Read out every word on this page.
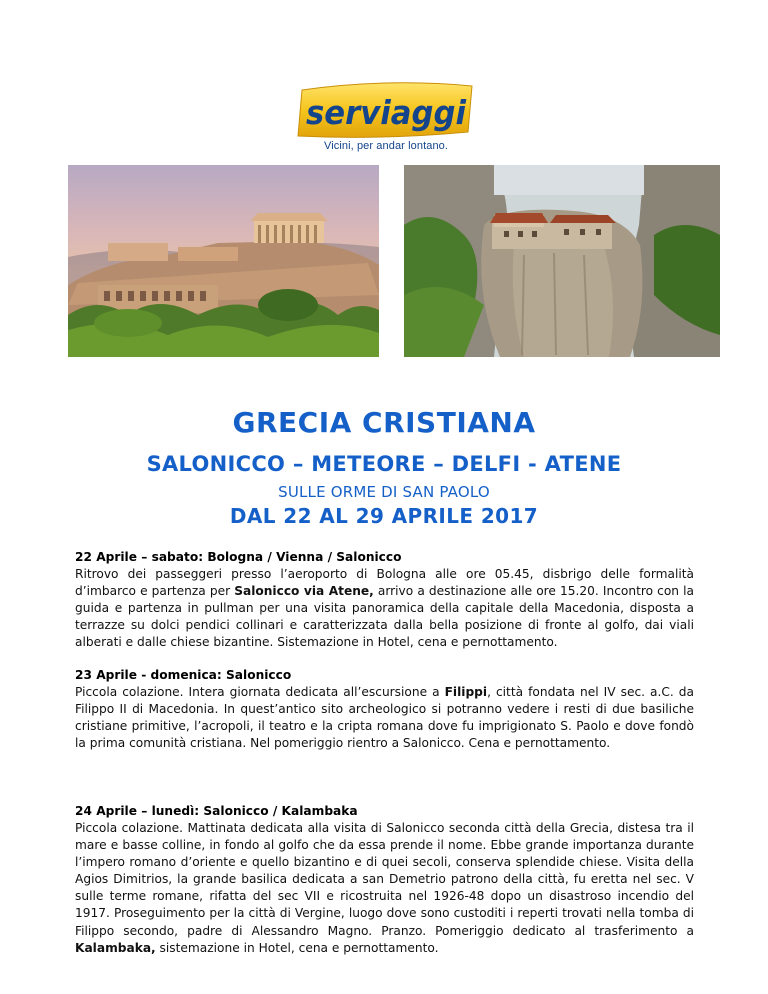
serviaggi
Vicini, per andar lontano.
GRECIA CRISTIANA
SALONICCO – METEORE – DELFI - ATENE
SULLE ORME DI SAN PAOLO
DAL 22 AL 29 APRILE 2017
22 Aprile – sabato: Bologna / Vienna / Salonicco

Ritrovo dei passeggeri presso l’aeroporto di Bologna alle ore 05.45, disbrigo delle formalità d’imbarco e partenza per Salonicco via Atene, arrivo a destinazione alle ore 15.20. Incontro con la guida e partenza in pullman per una visita panoramica della capitale della Macedonia, disposta a terrazze su dolci pendici collinari e caratterizzata dalla bella posizione di fronte al golfo, dai viali alberati e dalle chiese bizantine. Sistemazione in Hotel, cena e pernottamento.

23 Aprile - domenica: Salonicco

Piccola colazione. Intera giornata dedicata all’escursione a Filippi, città fondata nel IV sec. a.C. da Filippo II di Macedonia. In quest’antico sito archeologico si potranno vedere i resti di due basiliche cristiane primitive, l’acropoli, il teatro e la cripta romana dove fu imprigionato S. Paolo e dove fondò la prima comunità cristiana. Nel pomeriggio rientro a Salonicco. Cena e pernottamento.

24 Aprile – lunedì: Salonicco / Kalambaka

Piccola colazione. Mattinata dedicata alla visita di Salonicco seconda città della Grecia, distesa tra il mare e basse colline, in fondo al golfo che da essa prende il nome. Ebbe grande importanza durante l’impero romano d’oriente e quello bizantino e di quei secoli, conserva splendide chiese. Visita della Agios Dimitrios, la grande basilica dedicata a san Demetrio patrono della città, fu eretta nel sec. V sulle terme romane, rifatta del sec VII e ricostruita nel 1926-48 dopo un disastroso incendio del 1917. Proseguimento per la città di Vergine, luogo dove sono custoditi i reperti trovati nella tomba di Filippo secondo, padre di Alessandro Magno. Pranzo. Pomeriggio dedicato al trasferimento a Kalambaka, sistemazione in Hotel, cena e pernottamento.
